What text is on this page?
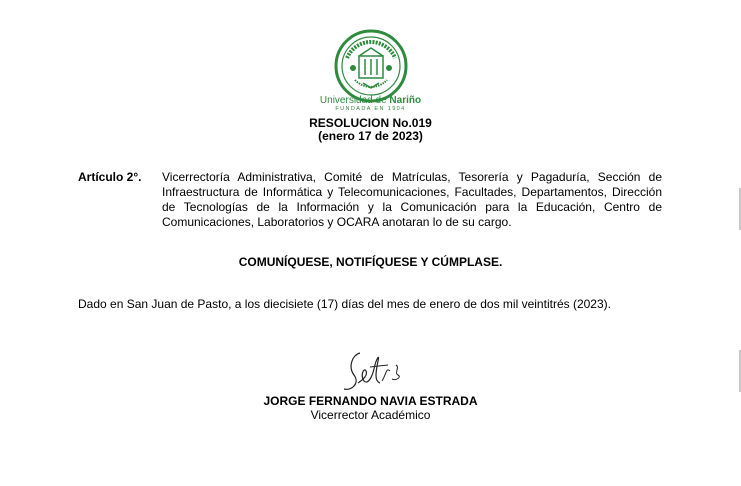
Universidad de Nariño
FUNDADA EN 1904
RESOLUCION No.019
(enero 17 de 2023)
Artículo 2°. Vicerrectoría Administrativa, Comité de Matrículas, Tesorería y Pagaduría, Sección de Infraestructura de Informática y Telecomunicaciones, Facultades, Departamentos, Dirección de Tecnologías de la Información y la Comunicación para la Educación, Centro de Comunicaciones, Laboratorios y OCARA anotaran lo de su cargo.
COMUNÍQUESE, NOTIFÍQUESE Y CÚMPLASE.
Dado en San Juan de Pasto, a los diecisiete (17) días del mes de enero de dos mil veintitrés (2023).
JORGE FERNANDO NAVIA ESTRADA
Vicerrector Académico
